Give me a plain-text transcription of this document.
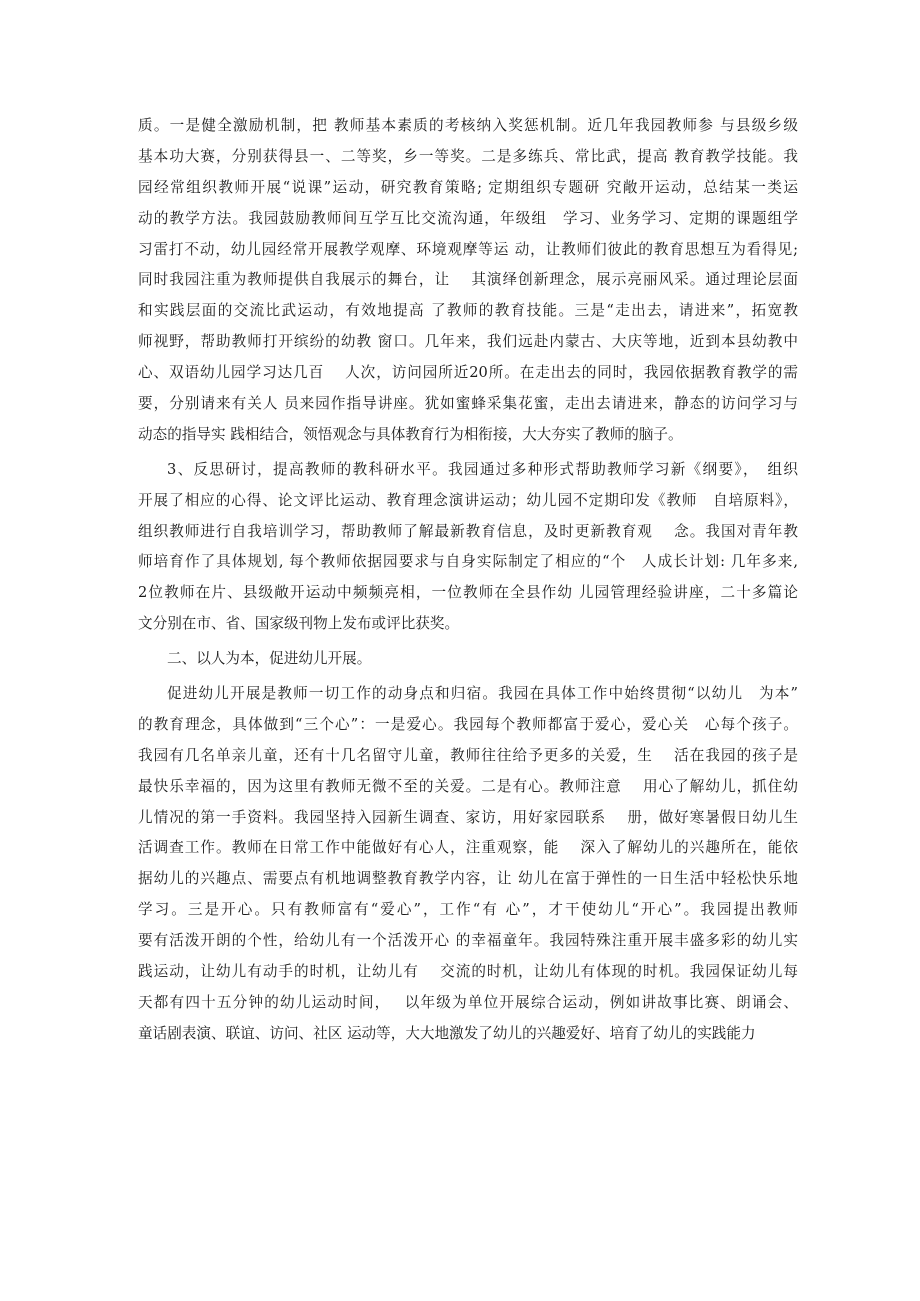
质。一是健全激励机制，把 教师基本素质的考核纳入奖惩机制。近几年我园教师参 与县级乡级
基本功大赛，分别获得县一、二等奖，乡一等奖。二是多练兵、常比武，提高 教育教学技能。我
园经常组织教师开展“说课”运动，研究教育策略; 定期组织专题研 究敞开运动，总结某一类运
动的教学方法。我园鼓励教师间互学互比交流沟通，年级组　学习、业务学习、定期的课题组学
习雷打不动，幼儿园经常开展教学观摩、环境观摩等运 动，让教师们彼此的教育思想互为看得见;
同时我园注重为教师提供自我展示的舞台，让　 其演绎创新理念，展示亮丽风采。通过理论层面
和实践层面的交流比武运动，有效地提高 了教师的教育技能。三是“走出去，请进来”，拓宽教
师视野，帮助教师打开缤纷的幼教 窗口。几年来，我们远赴内蒙古、大庆等地，近到本县幼教中
心、双语幼儿园学习达几百　 人次，访问园所近20所。在走出去的同时，我园依据教育教学的需
要，分别请来有关人 员来园作指导讲座。犹如蜜蜂采集花蜜，走出去请进来，静态的访问学习与
动态的指导实 践相结合，领悟观念与具体教育行为相衔接，大大夯实了教师的脑子。
3、反思研讨，提高教师的教科研水平。我园通过多种形式帮助教师学习新《纲要》，　组织
开展了相应的心得、论文评比运动、教育理念演讲运动；幼儿园不定期印发《教师　自培原料》，
组织教师进行自我培训学习，帮助教师了解最新教育信息，及时更新教育观　 念。我国对青年教
师培育作了具体规划, 每个教师依据园要求与自身实际制定了相应的“个　人成长计划: 几年多来,
2位教师在片、县级敞开运动中频频亮相，一位教师在全县作幼 儿园管理经验讲座，二十多篇论
文分别在市、省、国家级刊物上发布或评比获奖。
二、以人为本，促进幼儿开展。
促进幼儿开展是教师一切工作的动身点和归宿。我园在具体工作中始终贯彻“以幼儿　为本”
的教育理念，具体做到“三个心”：一是爱心。我园每个教师都富于爱心，爱心关　心每个孩子。
我园有几名单亲儿童，还有十几名留守儿童，教师往往给予更多的关爱，生　 活在我园的孩子是
最快乐幸福的，因为这里有教师无微不至的关爱。二是有心。教师注意　 用心了解幼儿，抓住幼
儿情况的第一手资料。我园坚持入园新生调查、家访，用好家园联系　 册，做好寒暑假日幼儿生
活调查工作。教师在日常工作中能做好有心人，注重观察，能　 深入了解幼儿的兴趣所在，能依
据幼儿的兴趣点、需要点有机地调整教育教学内容，让 幼儿在富于弹性的一日生活中轻松快乐地
学习。三是开心。只有教师富有“爱心”，工作“有 心”，才干使幼儿“开心”。我园提出教师
要有活泼开朗的个性，给幼儿有一个活泼开心 的幸福童年。我园特殊注重开展丰盛多彩的幼儿实
践运动，让幼儿有动手的时机，让幼儿有　 交流的时机，让幼儿有体现的时机。我园保证幼儿每
天都有四十五分钟的幼儿运动时间，　 以年级为单位开展综合运动，例如讲故事比赛、朗诵会、
童话剧表演、联谊、访问、社区 运动等，大大地激发了幼儿的兴趣爱好、培育了幼儿的实践能力
